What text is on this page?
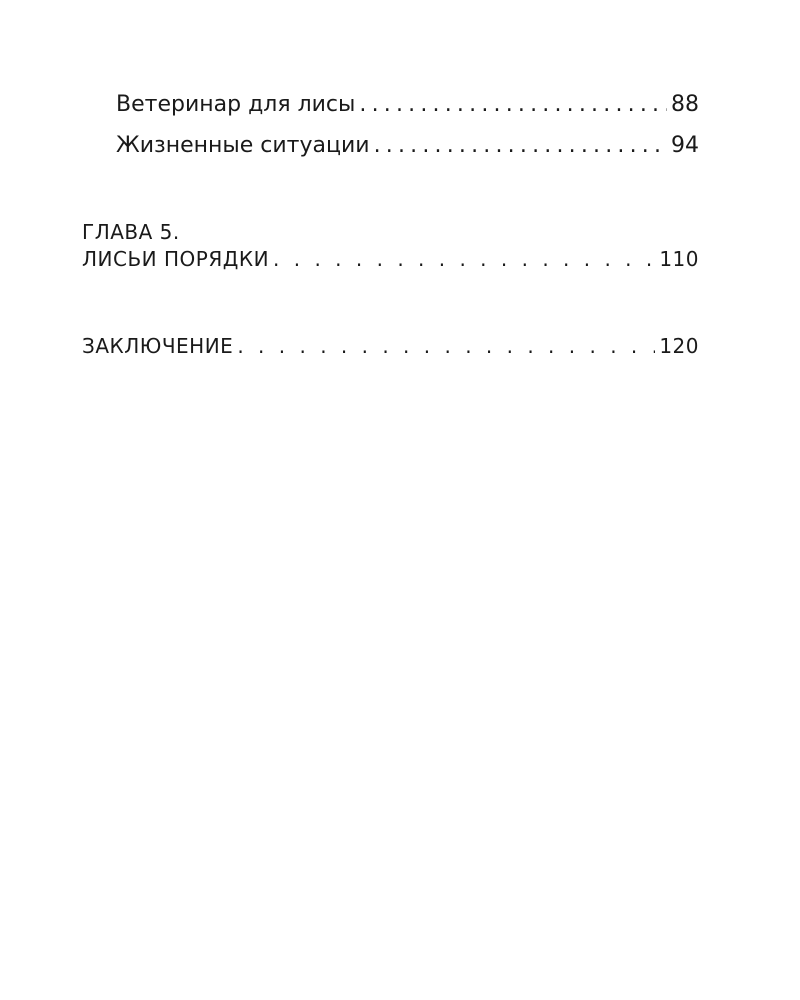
Ветеринар для лисы .....	88
Жизненные ситуации .....	94
ГЛАВА 5.
ЛИСЬИ ПОРЯДКИ . . .	110
ЗАКЛЮЧЕНИЕ . . .	120
